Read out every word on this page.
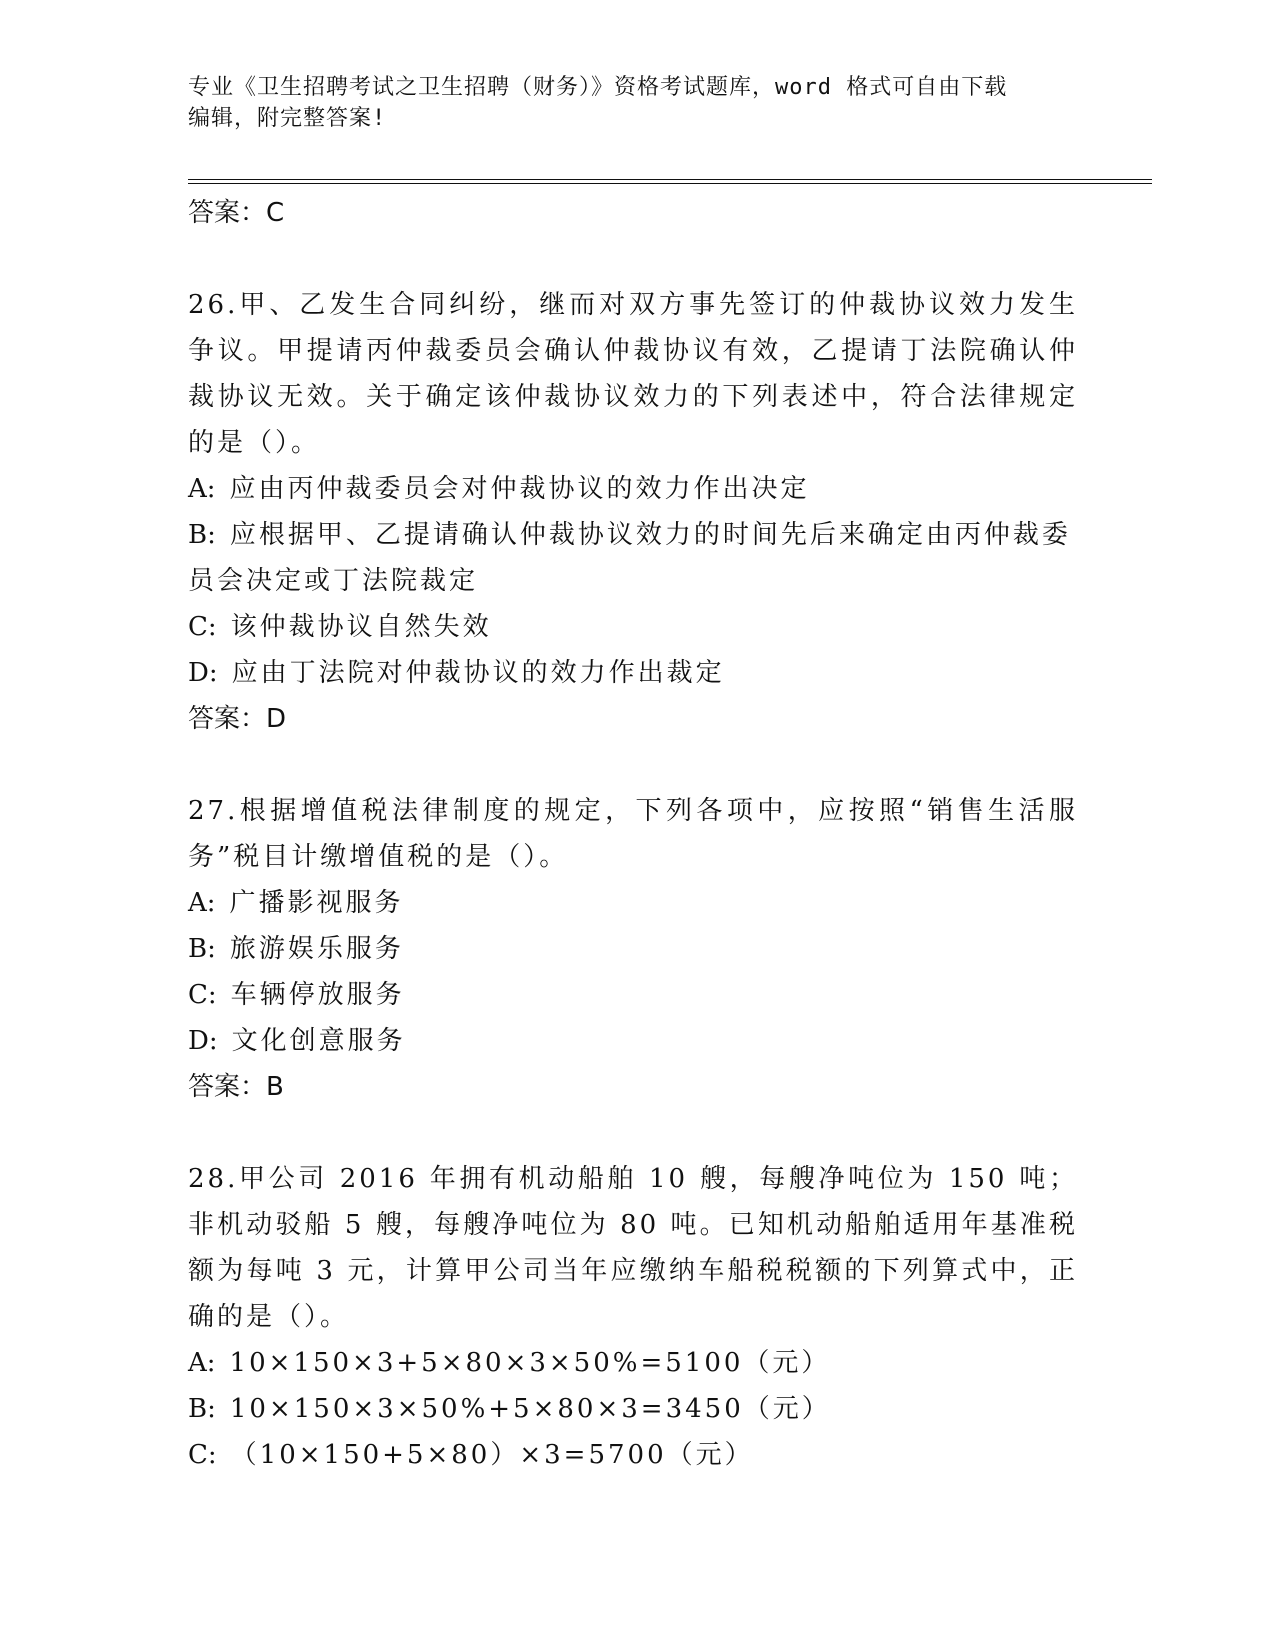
专业《卫生招聘考试之卫生招聘（财务）》资格考试题库，word 格式可自由下载
编辑，附完整答案!
答案：C
26.甲、乙发生合同纠纷，继而对双方事先签订的仲裁协议效力发生争议。甲提请丙仲裁委员会确认仲裁协议有效，乙提请丁法院确认仲裁协议无效。关于确定该仲裁协议效力的下列表述中，符合法律规定的是（）。
A: 应由丙仲裁委员会对仲裁协议的效力作出决定
B: 应根据甲、乙提请确认仲裁协议效力的时间先后来确定由丙仲裁委员会决定或丁法院裁定
C: 该仲裁协议自然失效
D: 应由丁法院对仲裁协议的效力作出裁定
答案：D
27.根据增值税法律制度的规定，下列各项中，应按照“销售生活服务”税目计缴增值税的是（）。
A: 广播影视服务
B: 旅游娱乐服务
C: 车辆停放服务
D: 文化创意服务
答案：B
28.甲公司 2016 年拥有机动船舶 10 艘，每艘净吨位为 150 吨；非机动驳船 5 艘，每艘净吨位为 80 吨。已知机动船舶适用年基准税额为每吨 3 元，计算甲公司当年应缴纳车船税税额的下列算式中，正确的是（）。
A: 10×150×3+5×80×3×50%=5100（元）
B: 10×150×3×50%+5×80×3=3450（元）
C: （10×150+5×80）×3=5700（元）
